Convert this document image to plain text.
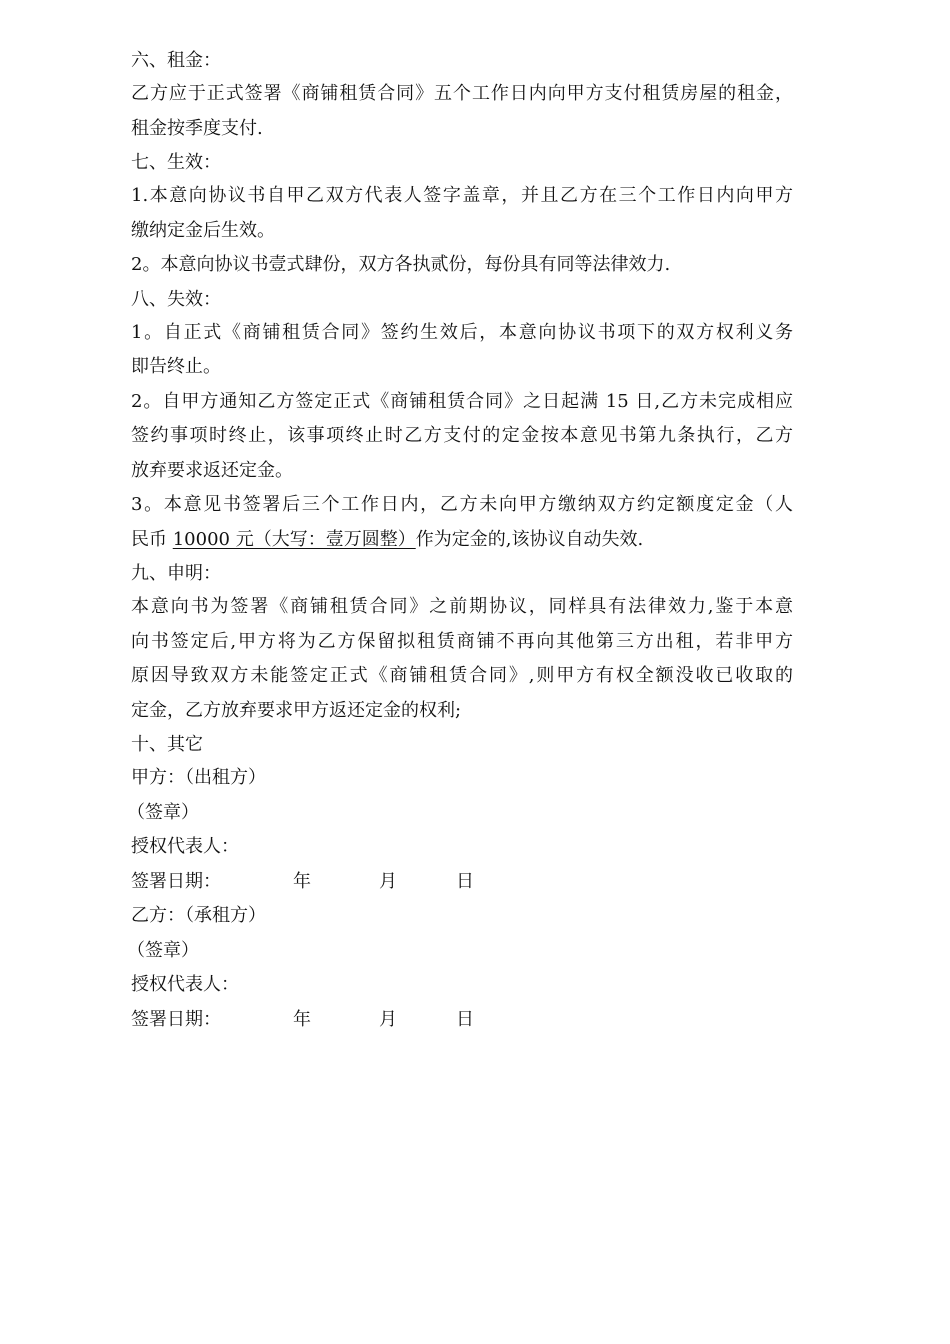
六、租金：
乙方应于正式签署《商铺租赁合同》五个工作日内向甲方支付租赁房屋的租金，
租金按季度支付.
七、生效：
1.本意向协议书自甲乙双方代表人签字盖章，并且乙方在三个工作日内向甲方
缴纳定金后生效。
2。本意向协议书壹式肆份，双方各执贰份，每份具有同等法律效力.
八、失效：
1。自正式《商铺租赁合同》签约生效后，本意向协议书项下的双方权利义务
即告终止。
2。自甲方通知乙方签定正式《商铺租赁合同》之日起满 15 日,乙方未完成相应
签约事项时终止，该事项终止时乙方支付的定金按本意见书第九条执行，乙方
放弃要求返还定金。
3。本意见书签署后三个工作日内，乙方未向甲方缴纳双方约定额度定金（人
民币 10000 元（大写：壹万圆整）作为定金的,该协议自动失效.
九、申明：
本意向书为签署《商铺租赁合同》之前期协议，同样具有法律效力,鉴于本意
向书签定后,甲方将为乙方保留拟租赁商铺不再向其他第三方出租，若非甲方
原因导致双方未能签定正式《商铺租赁合同》,则甲方有权全额没收已收取的
定金，乙方放弃要求甲方返还定金的权利;
十、其它
甲方：（出租方）
（签章）
授权代表人：
签署日期：	年	月	日
乙方：（承租方）
（签章）
授权代表人：
签署日期：	年	月	日
